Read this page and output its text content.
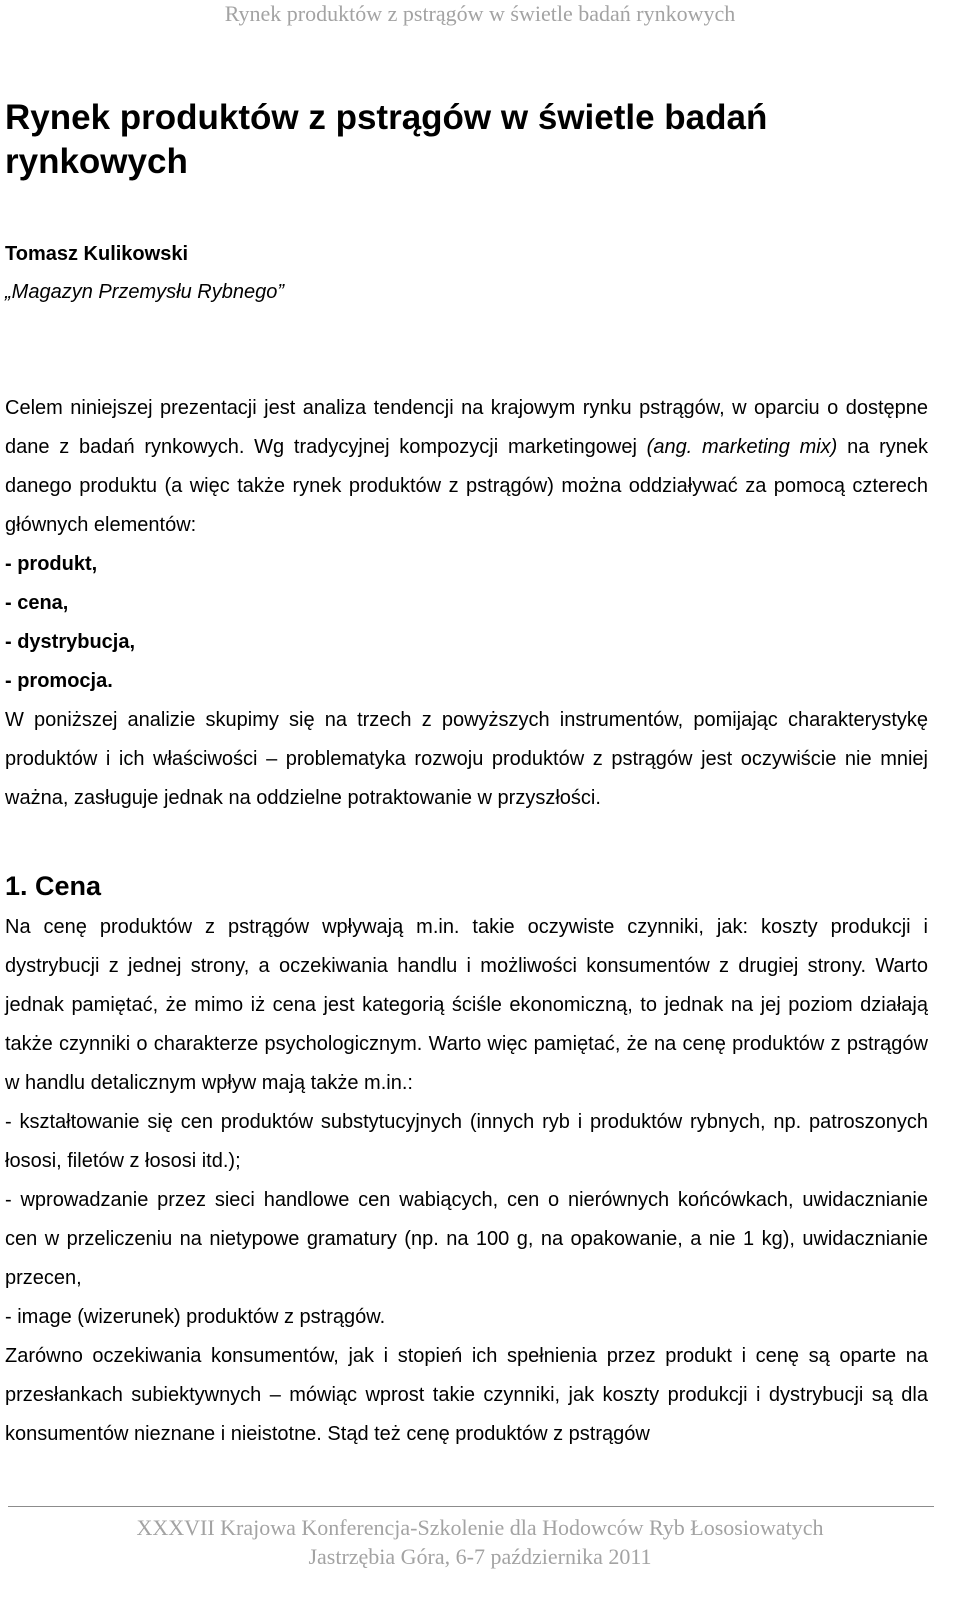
Rynek produktów z pstrągów w świetle badań rynkowych
Rynek produktów z pstrągów w świetle badań rynkowych

Tomasz Kulikowski

„Magazyn Przemysłu Rybnego”

Celem niniejszej prezentacji jest analiza tendencji na krajowym rynku pstrągów, w oparciu o dostępne dane z badań rynkowych. Wg tradycyjnej kompozycji marketingowej (ang. marketing mix) na rynek danego produktu (a więc także rynek produktów z pstrągów) można oddziaływać za pomocą czterech głównych elementów:

- produkt,
- cena,
- dystrybucja,
- promocja.

W poniższej analizie skupimy się na trzech z powyższych instrumentów, pomijając charakterystykę produktów i ich właściwości – problematyka rozwoju produktów z pstrągów jest oczywiście nie mniej ważna, zasługuje jednak na oddzielne potraktowanie w przyszłości.

1. Cena

Na cenę produktów z pstrągów wpływają m.in. takie oczywiste czynniki, jak: koszty produkcji i dystrybucji z jednej strony, a oczekiwania handlu i możliwości konsumentów z drugiej strony. Warto jednak pamiętać, że mimo iż cena jest kategorią ściśle ekonomiczną, to jednak na jej poziom działają także czynniki o charakterze psychologicznym. Warto więc pamiętać, że na cenę produktów z pstrągów w handlu detalicznym wpływ mają także m.in.:

- kształtowanie się cen produktów substytucyjnych (innych ryb i produktów rybnych, np. patroszonych łososi, filetów z łososi itd.);
- wprowadzanie przez sieci handlowe cen wabiących, cen o nierównych końcówkach, uwidacznianie cen w przeliczeniu na nietypowe gramatury (np. na 100 g, na opakowanie, a nie 1 kg), uwidacznianie przecen,
- image (wizerunek) produktów z pstrągów.

Zarówno oczekiwania konsumentów, jak i stopień ich spełnienia przez produkt i cenę są oparte na przesłankach subiektywnych – mówiąc wprost takie czynniki, jak koszty produkcji i dystrybucji są dla konsumentów nieznane i nieistotne. Stąd też cenę produktów z pstrągów

XXXVII Krajowa Konferencja-Szkolenie dla Hodowców Ryb Łososiowatych
Jastrzębia Góra, 6-7 października 2011
